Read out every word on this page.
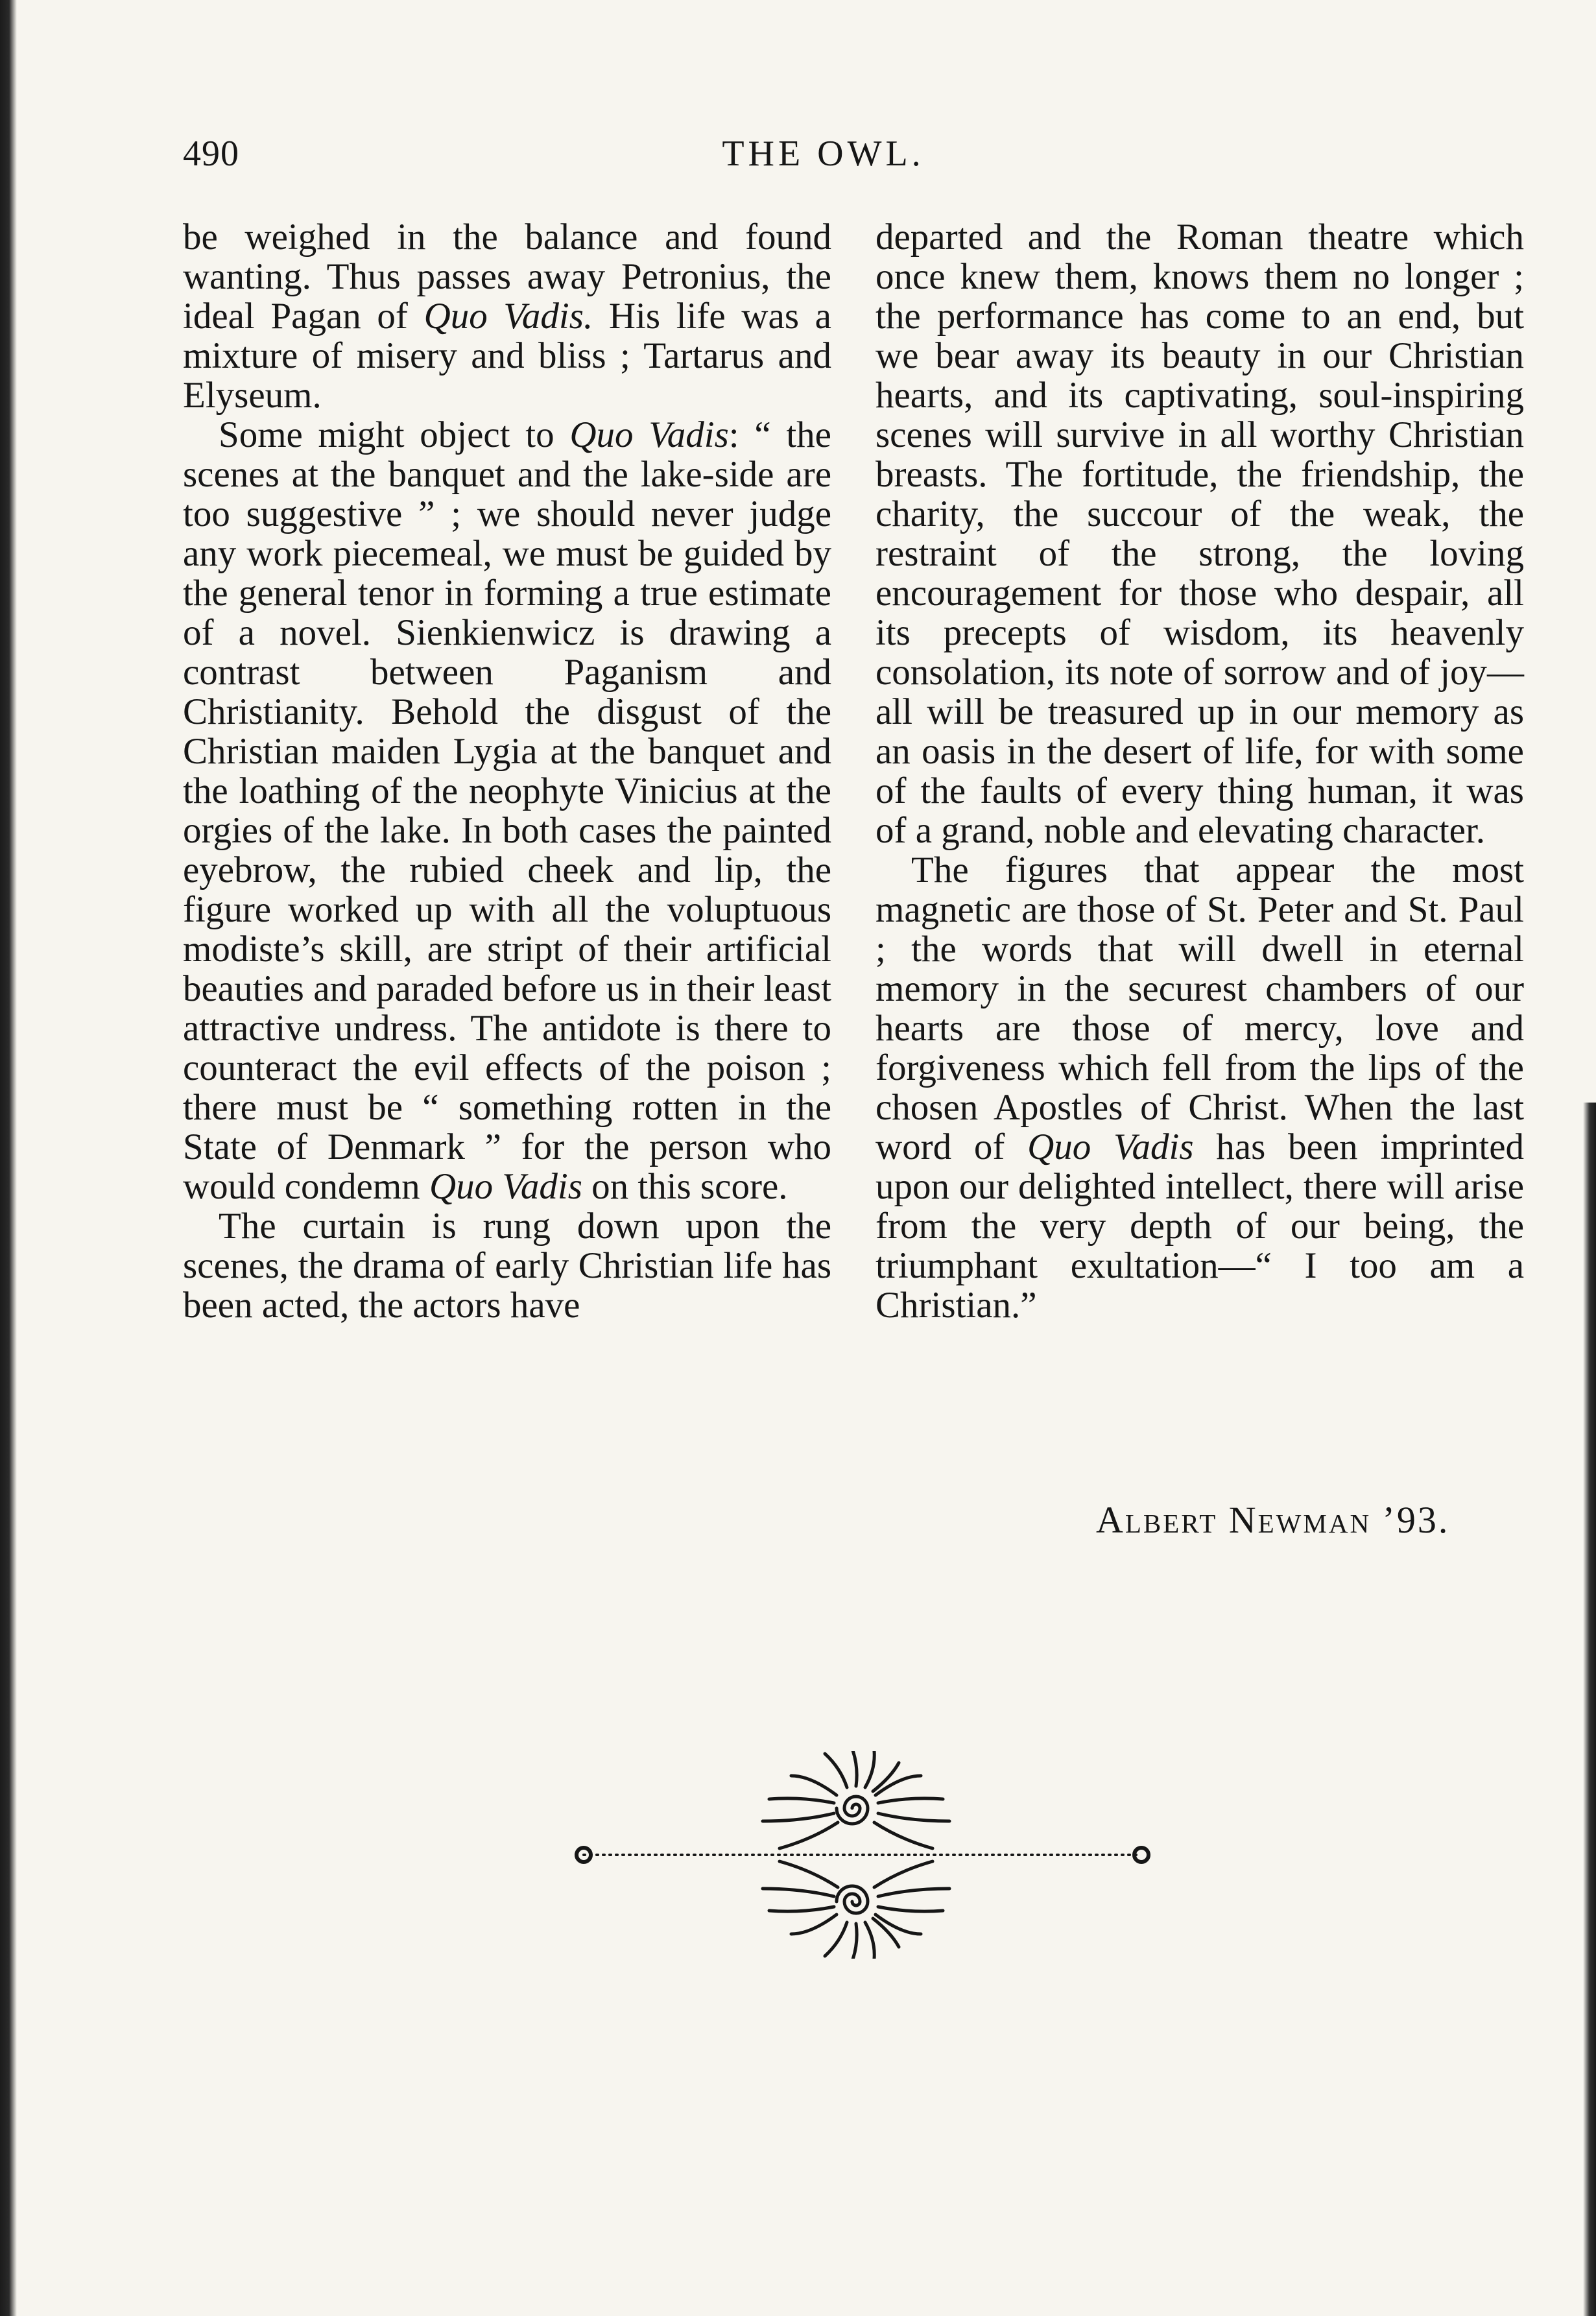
490	THE OWL.

be weighed in the balance and found wanting. Thus passes away Petronius, the ideal Pagan of Quo Vadis. His life was a mixture of misery and bliss ; Tartarus and Elyseum.

Some might object to Quo Vadis: “ the scenes at the banquet and the lake-side are too suggestive ” ; we should never judge any work piecemeal, we must be guided by the general tenor in forming a true estimate of a novel. Sienkienwicz is drawing a contrast between Paganism and Christianity. Behold the disgust of the Christian maiden Lygia at the banquet and the loathing of the neophyte Vinicius at the orgies of the lake. In both cases the painted eyebrow, the rubied cheek and lip, the figure worked up with all the voluptuous modiste’s skill, are stript of their artificial beauties and paraded before us in their least attractive undress. The antidote is there to counteract the evil effects of the poison ; there must be “ something rotten in the State of Denmark ” for the person who would condemn Quo Vadis on this score.

The curtain is rung down upon the scenes, the drama of early Christian life has been acted, the actors have

departed and the Roman theatre which once knew them, knows them no longer ; the performance has come to an end, but we bear away its beauty in our Christian hearts, and its captivating, soul-inspiring scenes will survive in all worthy Christian breasts. The fortitude, the friendship, the charity, the succour of the weak, the restraint of the strong, the loving encouragement for those who despair, all its precepts of wisdom, its heavenly consolation, its note of sorrow and of joy—all will be treasured up in our memory as an oasis in the desert of life, for with some of the faults of every thing human, it was of a grand, noble and elevating character.

The figures that appear the most magnetic are those of St. Peter and St. Paul ; the words that will dwell in eternal memory in the securest chambers of our hearts are those of mercy, love and forgiveness which fell from the lips of the chosen Apostles of Christ. When the last word of Quo Vadis has been imprinted upon our delighted intellect, there will arise from the very depth of our being, the triumphant exultation—“ I too am a Christian.”

Albert Newman ’93.
